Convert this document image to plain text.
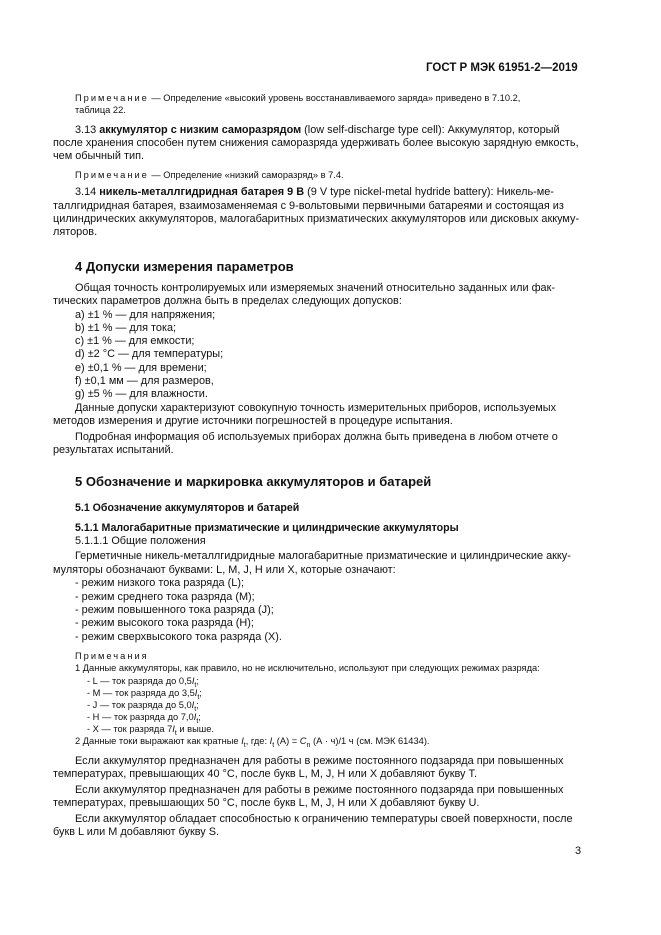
ГОСТ Р МЭК 61951-2—2019
Примечание — Определение «высокий уровень восстанавливаемого заряда» приведено в 7.10.2,
таблица 22.
3.13 аккумулятор с низким саморазрядом (low self-discharge type cell): Аккумулятор, который
после хранения способен путем снижения саморазряда удерживать более высокую зарядную емкость,
чем обычный тип.
Примечание — Определение «низкий саморазряд» в 7.4.
3.14 никель-металлгидридная батарея 9 В (9 V type nickel-metal hydride battery): Никель-ме-
таллгидридная батарея, взаимозаменяемая с 9-вольтовыми первичными батареями и состоящая из
цилиндрических аккумуляторов, малогабаритных призматических аккумуляторов или дисковых аккуму-
ляторов.
4 Допуски измерения параметров
Общая точность контролируемых или измеряемых значений относительно заданных или фак-
тических параметров должна быть в пределах следующих допусков:
a) ±1 % — для напряжения;
b) ±1 % — для тока;
c) ±1 % — для емкости;
d) ±2 °С — для температуры;
e) ±0,1 % — для времени;
f) ±0,1 мм — для размеров,
g) ±5 % — для влажности.
Данные допуски характеризуют совокупную точность измерительных приборов, используемых
методов измерения и другие источники погрешностей в процедуре испытания.
Подробная информация об используемых приборах должна быть приведена в любом отчете о
результатах испытаний.
5 Обозначение и маркировка аккумуляторов и батарей
5.1 Обозначение аккумуляторов и батарей
5.1.1 Малогабаритные призматические и цилиндрические аккумуляторы
5.1.1.1 Общие положения
Герметичные никель-металлгидридные малогабаритные призматические и цилиндрические акку-
муляторы обозначают буквами: L, M, J, H или X, которые означают:
- режим низкого тока разряда (L);
- режим среднего тока разряда (M);
- режим повышенного тока разряда (J);
- режим высокого тока разряда (H);
- режим сверхвысокого тока разряда (X).
Примечания
1 Данные аккумуляторы, как правило, но не исключительно, используют при следующих режимах разряда:
- L — ток разряда до $0,5I_t$;
- M — ток разряда до $3,5I_t$;
- J — ток разряда до $5,0I_t$;
- H — ток разряда до $7,0I_t$;
- X — ток разряда $7I_t$ и выше.
2 Данные токи выражают как кратные $I_t$, где: $I_t$ $(А) = C_n$ (А · ч)/1 ч (см. МЭК 61434).
Если аккумулятор предназначен для работы в режиме постоянного подзаряда при повышенных
температурах, превышающих 40 °С, после букв L, M, J, H или X добавляют букву T.
Если аккумулятор предназначен для работы в режиме постоянного подзаряда при повышенных
температурах, превышающих 50 °С, после букв L, M, J, H или X добавляют букву U.
Если аккумулятор обладает способностью к ограничению температуры своей поверхности, после
букв L или M добавляют букву S.
3
